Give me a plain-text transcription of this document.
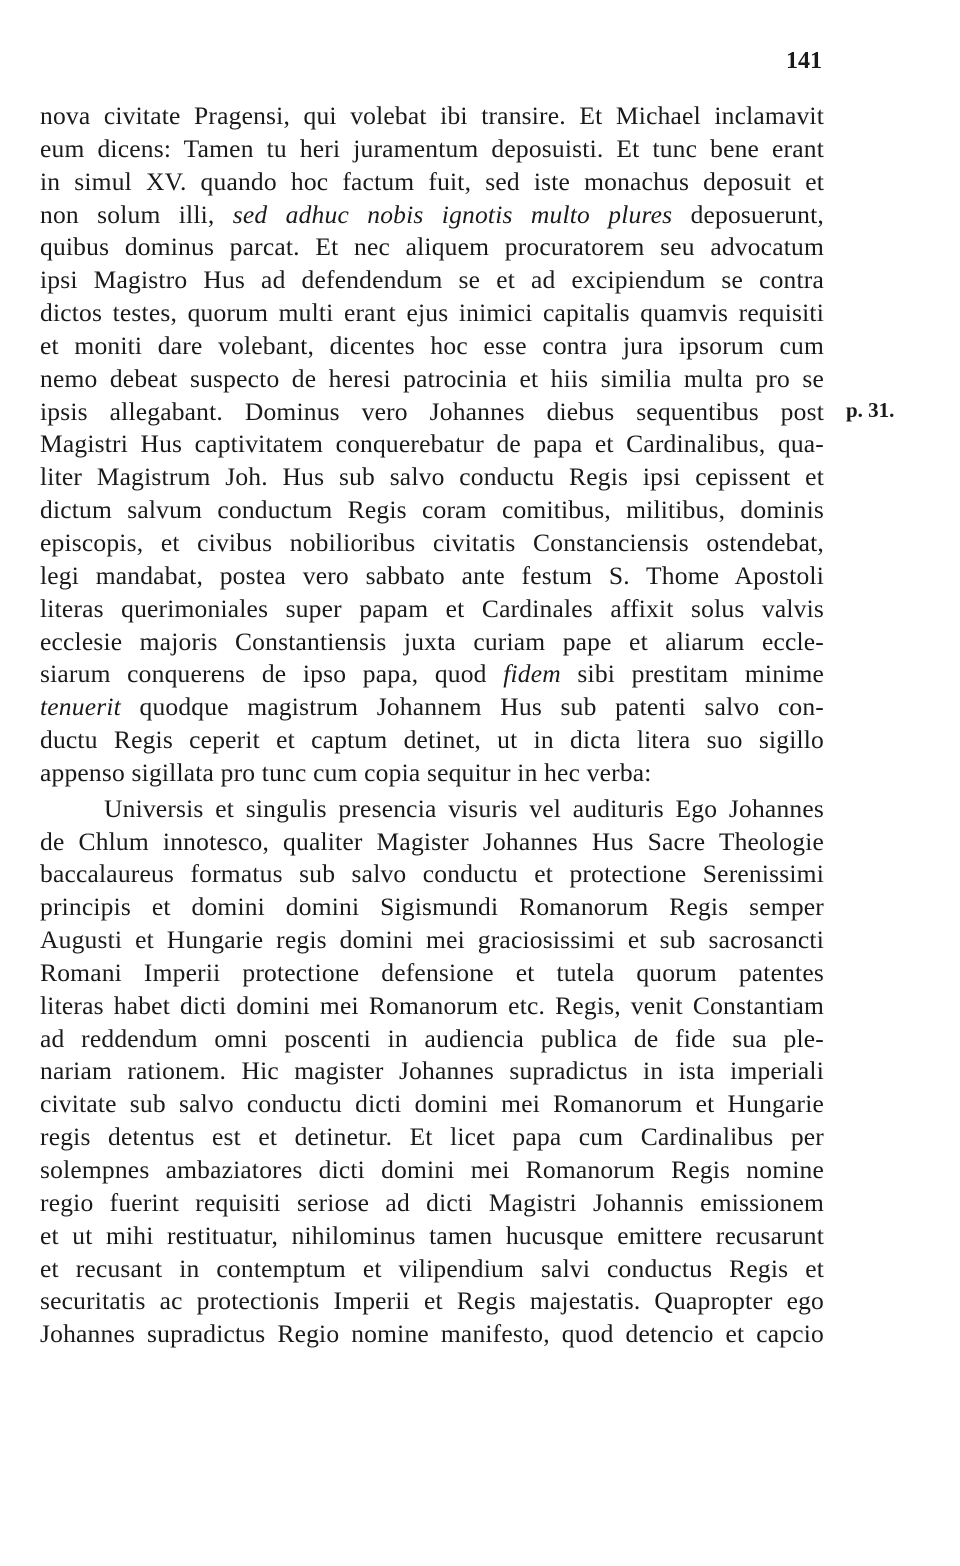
141
nova civitate Pragensi, qui volebat ibi transire. Et Michael inclamavit
eum dicens: Tamen tu heri juramentum deposuisti. Et tunc bene erant
in simul XV. quando hoc factum fuit, sed iste monachus deposuit et
non solum illi, sed adhuc nobis ignotis multo plures deposuerunt,
quibus dominus parcat. Et nec aliquem procuratorem seu advocatum
ipsi Magistro Hus ad defendendum se et ad excipiendum se contra
dictos testes, quorum multi erant ejus inimici capitalis quamvis requisiti
et moniti dare volebant, dicentes hoc esse contra jura ipsorum cum
nemo debeat suspecto de heresi patrocinia et hiis similia multa pro se
ipsis allegabant. Dominus vero Johannes diebus sequentibus post
Magistri Hus captivitatem conquerebatur de papa et Cardinalibus, qua-
liter Magistrum Joh. Hus sub salvo conductu Regis ipsi cepissent et
dictum salvum conductum Regis coram comitibus, militibus, dominis
episcopis, et civibus nobilioribus civitatis Constanciensis ostendebat,
legi mandabat, postea vero sabbato ante festum S. Thome Apostoli
literas querimoniales super papam et Cardinales affixit solus valvis
ecclesie majoris Constantiensis juxta curiam pape et aliarum eccle-
siarum conquerens de ipso papa, quod fidem sibi prestitam minime
tenuerit quodque magistrum Johannem Hus sub patenti salvo con-
ductu Regis ceperit et captum detinet, ut in dicta litera suo sigillo
appenso sigillata pro tunc cum copia sequitur in hec verba:
Universis et singulis presencia visuris vel audituris Ego Johannes
de Chlum innotesco, qualiter Magister Johannes Hus Sacre Theologie
baccalaureus formatus sub salvo conductu et protectione Serenissimi
principis et domini domini Sigismundi Romanorum Regis semper
Augusti et Hungarie regis domini mei graciosissimi et sub sacrosancti
Romani Imperii protectione defensione et tutela quorum patentes
literas habet dicti domini mei Romanorum etc. Regis, venit Constantiam
ad reddendum omni poscenti in audiencia publica de fide sua ple-
nariam rationem. Hic magister Johannes supradictus in ista imperiali
civitate sub salvo conductu dicti domini mei Romanorum et Hungarie
regis detentus est et detinetur. Et licet papa cum Cardinalibus per
solempnes ambaziatores dicti domini mei Romanorum Regis nomine
regio fuerint requisiti seriose ad dicti Magistri Johannis emissionem
et ut mihi restituatur, nihilominus tamen hucusque emittere recusarunt
et recusant in contemptum et vilipendium salvi conductus Regis et
securitatis ac protectionis Imperii et Regis majestatis. Quapropter ego
Johannes supradictus Regio nomine manifesto, quod detencio et capcio
p. 31.
